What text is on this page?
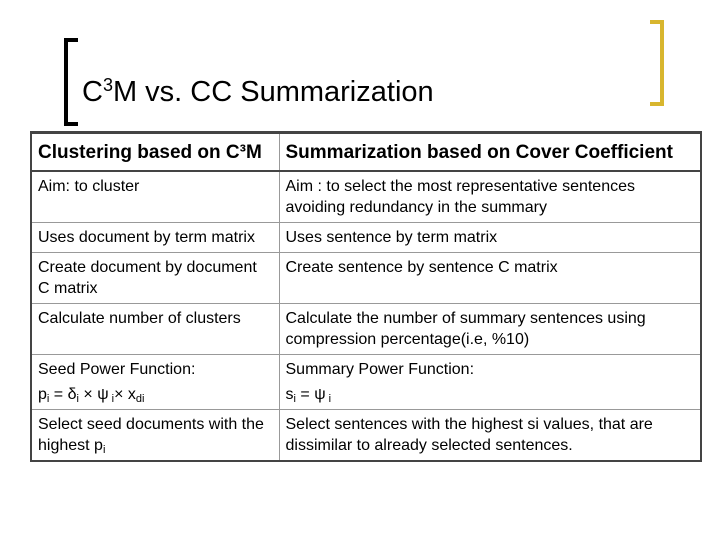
$C^3M$ vs. CC Summarization
Clustering based on C³M	Summarization based on Cover Coefficient
Aim: to cluster	Aim : to select the most representative sentences avoiding redundancy in the summary
Uses document by term matrix	Uses sentence by term matrix
Create document by document C matrix	Create sentence by sentence C matrix
Calculate number of clusters	Calculate the number of summary sentences using compression percentage(i.e, %10)
Seed Power Function:	Summary Power Function:
$p_i = \delta_i \times \psi$ $_i\times x_{di}$	$s_i = \psi$ $_i$
Select seed documents with the highest $p_i$	Select sentences with the highest si values, that are dissimilar to already selected sentences.
